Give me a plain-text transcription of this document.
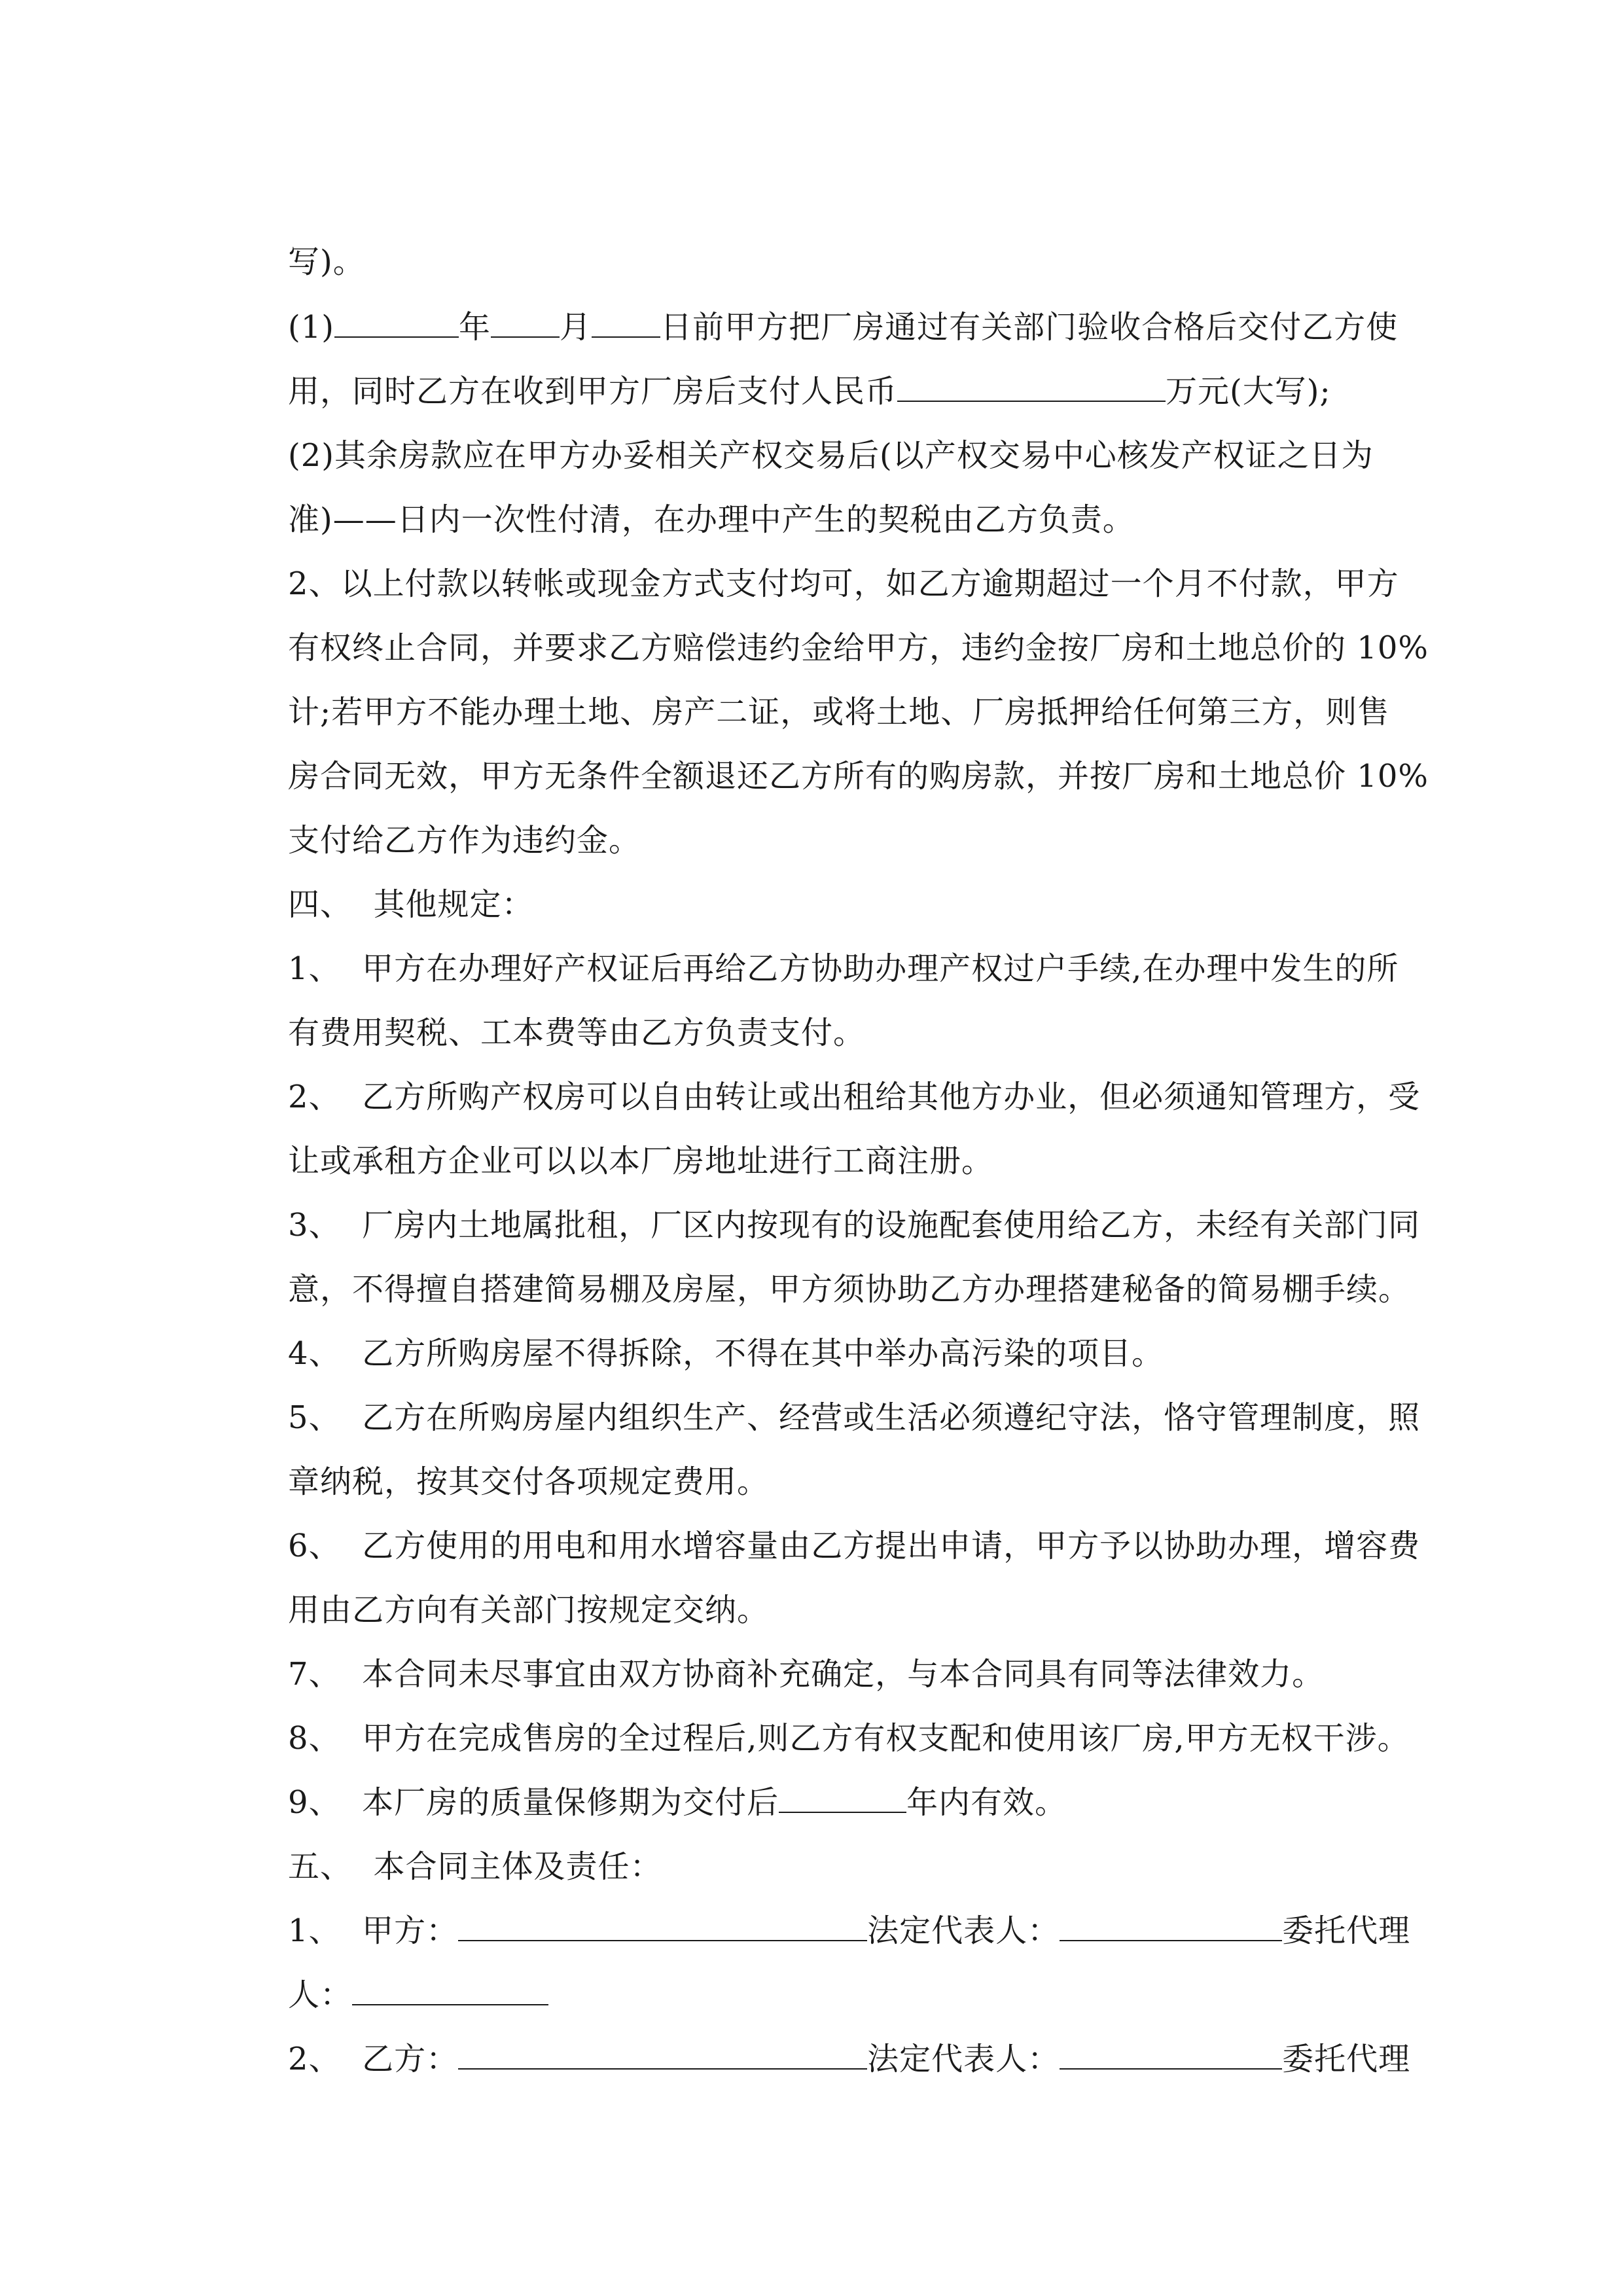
写)。

(1)	年 月 日前甲方把厂房通过有关部门验收合格后交付乙方使

用，同时乙方在收到甲方厂房后支付人民币	万元(大写);

(2)其余房款应在甲方办妥相关产权交易后(以产权交易中心核发产权证之日为

准)——日内一次性付清，在办理中产生的契税由乙方负责。

2、以上付款以转帐或现金方式支付均可，如乙方逾期超过一个月不付款，甲方

有权终止合同，并要求乙方赔偿违约金给甲方，违约金按厂房和土地总价的 10%

计;若甲方不能办理土地、房产二证，或将土地、厂房抵押给任何第三方，则售

房合同无效，甲方无条件全额退还乙方所有的购房款，并按厂房和土地总价 10%

支付给乙方作为违约金。

四、  其他规定：

1、  甲方在办理好产权证后再给乙方协助办理产权过户手续,在办理中发生的所

有费用契税、工本费等由乙方负责支付。

2、  乙方所购产权房可以自由转让或出租给其他方办业，但必须通知管理方，受

让或承租方企业可以以本厂房地址进行工商注册。

3、  厂房内土地属批租，厂区内按现有的设施配套使用给乙方，未经有关部门同

意，不得擅自搭建简易棚及房屋，甲方须协助乙方办理搭建秘备的简易棚手续。

4、  乙方所购房屋不得拆除，不得在其中举办高污染的项目。

5、  乙方在所购房屋内组织生产、经营或生活必须遵纪守法，恪守管理制度，照

章纳税，按其交付各项规定费用。

6、  乙方使用的用电和用水增容量由乙方提出申请，甲方予以协助办理，增容费

用由乙方向有关部门按规定交纳。

7、  本合同未尽事宜由双方协商补充确定，与本合同具有同等法律效力。

8、  甲方在完成售房的全过程后,则乙方有权支配和使用该厂房,甲方无权干涉。

9、  本厂房的质量保修期为交付后	年内有效。

五、  本合同主体及责任：

1、  甲方：	法定代表人：	委托代理

人：

2、  乙方：	法定代表人：	委托代理
